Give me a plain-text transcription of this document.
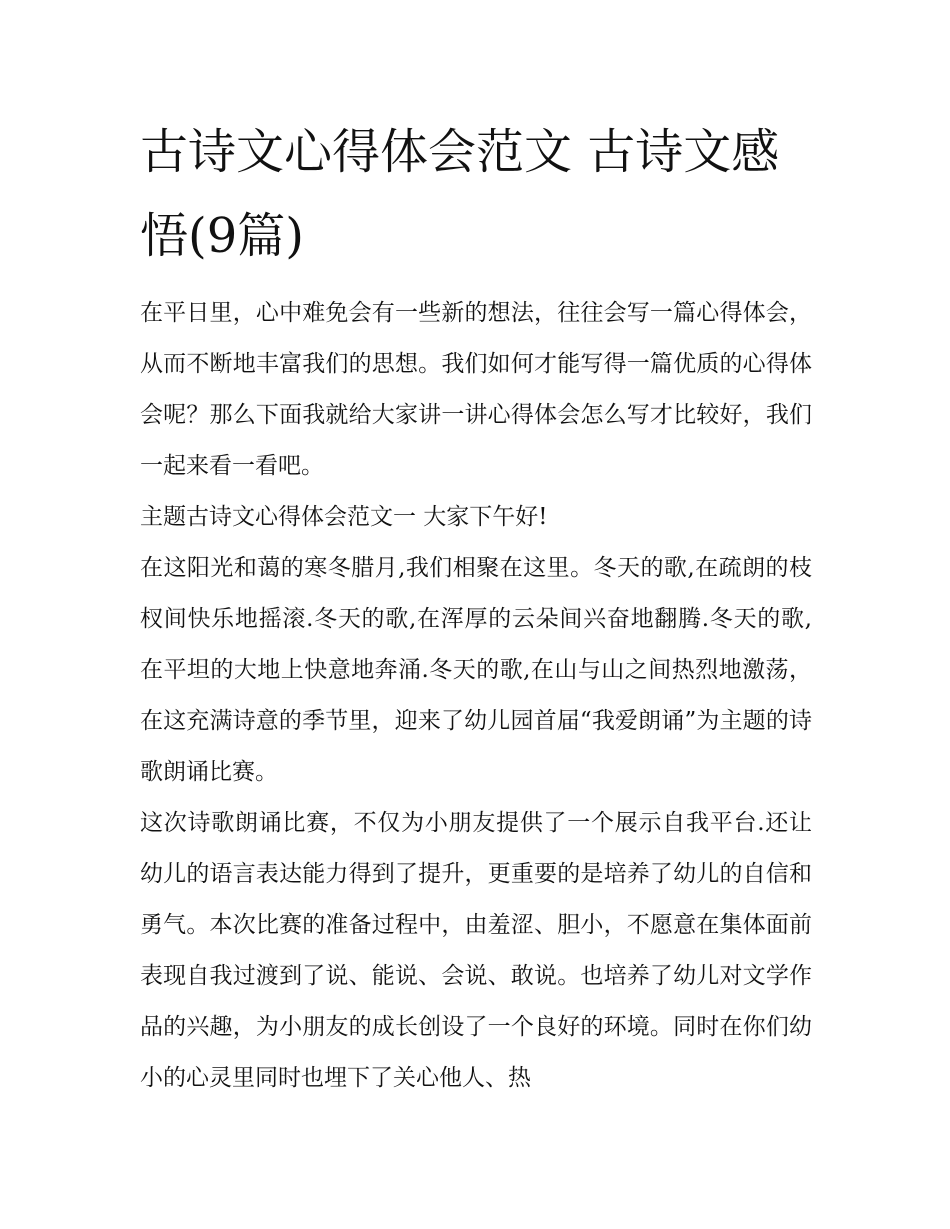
古诗文心得体会范文 古诗文感悟(9篇)

在平日里，心中难免会有一些新的想法，往往会写一篇心得体会，从而不断地丰富我们的思想。我们如何才能写得一篇优质的心得体会呢？那么下面我就给大家讲一讲心得体会怎么写才比较好，我们一起来看一看吧。

主题古诗文心得体会范文一 大家下午好!

在这阳光和蔼的寒冬腊月,我们相聚在这里。冬天的歌,在疏朗的枝杈间快乐地摇滚.冬天的歌,在浑厚的云朵间兴奋地翻腾.冬天的歌,在平坦的大地上快意地奔涌.冬天的歌,在山与山之间热烈地激荡，在这充满诗意的季节里，迎来了幼儿园首届“我爱朗诵”为主题的诗歌朗诵比赛。

这次诗歌朗诵比赛，不仅为小朋友提供了一个展示自我平台.还让幼儿的语言表达能力得到了提升，更重要的是培养了幼儿的自信和勇气。本次比赛的准备过程中，由羞涩、胆小，不愿意在集体面前表现自我过渡到了说、能说、会说、敢说。也培养了幼儿对文学作品的兴趣，为小朋友的成长创设了一个良好的环境。同时在你们幼小的心灵里同时也埋下了关心他人、热
